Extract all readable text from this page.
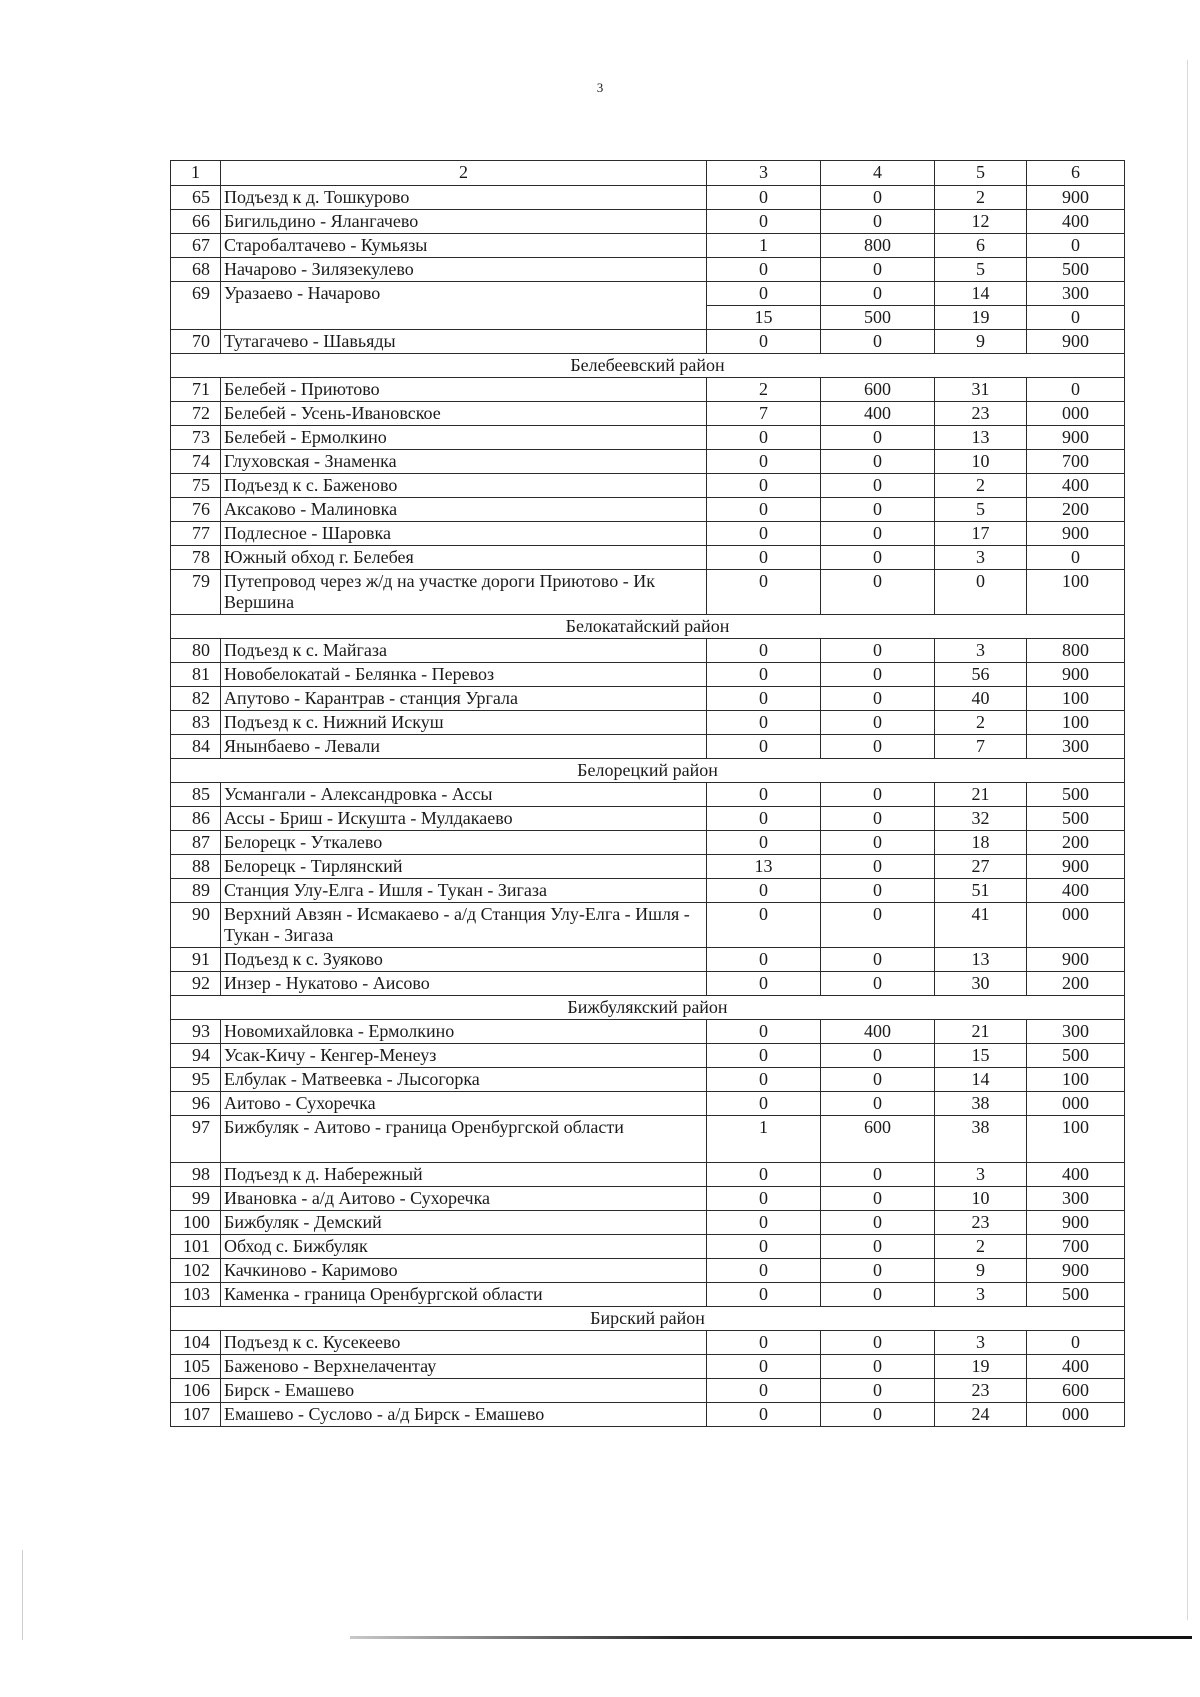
3
1	2	3	4	5	6
65	Подъезд к д. Тошкурово	0	0	2	900
66	Бигильдино - Ялангачево	0	0	12	400
67	Старобалтачево - Кумьязы	1	800	6	0
68	Начарово - Зилязекулево	0	0	5	500
69	Уразаево - Начарово	0	0	14	300
		15	500	19	0
70	Тутагачево - Шавьяды	0	0	9	900
Белебеевский район					
71	Белебей - Приютово	2	600	31	0
72	Белебей - Усень-Ивановское	7	400	23	000
73	Белебей - Ермолкино	0	0	13	900
74	Глуховская - Знаменка	0	0	10	700
75	Подъезд к с. Баженово	0	0	2	400
76	Аксаково - Малиновка	0	0	5	200
77	Подлесное - Шаровка	0	0	17	900
78	Южный обход г. Белебея	0	0	3	0
79	Путепровод через ж/д на участке дороги Приютово - Ик Вершина	0	0	0	100
Белокатайский район					
80	Подъезд к с. Майгаза	0	0	3	800
81	Новобелокатай - Белянка - Перевоз	0	0	56	900
82	Апутово - Карантрав - станция Ургала	0	0	40	100
83	Подъезд к с. Нижний Искуш	0	0	2	100
84	Янынбаево - Левали	0	0	7	300
Белорецкий район					
85	Усмангали - Александровка - Ассы	0	0	21	500
86	Ассы - Бриш - Искушта - Мулдакаево	0	0	32	500
87	Белорецк - Уткалево	0	0	18	200
88	Белорецк - Тирлянский	13	0	27	900
89	Станция Улу-Елга - Ишля - Тукан - Зигаза	0	0	51	400
90	Верхний Авзян - Исмакаево - а/д Станция Улу-Елга - Ишля - Тукан - Зигаза	0	0	41	000
91	Подъезд к с. Зуяково	0	0	13	900
92	Инзер - Нукатово - Аисово	0	0	30	200
Бижбулякский район					
93	Новомихайловка - Ермолкино	0	400	21	300
94	Усак-Кичу - Кенгер-Менеуз	0	0	15	500
95	Елбулак - Матвеевка - Лысогорка	0	0	14	100
96	Аитово - Сухоречка	0	0	38	000
97	Бижбуляк - Аитово - граница Оренбургской области	1	600	38	100
98	Подъезд к д. Набережный	0	0	3	400
99	Ивановка - а/д Аитово - Сухоречка	0	0	10	300
100	Бижбуляк - Демский	0	0	23	900
101	Обход с. Бижбуляк	0	0	2	700
102	Качкиново - Каримово	0	0	9	900
103	Каменка - граница Оренбургской области	0	0	3	500
Бирский район					
104	Подъезд к с. Кусекеево	0	0	3	0
105	Баженово - Верхнелачентау	0	0	19	400
106	Бирск - Емашево	0	0	23	600
107	Емашево - Суслово - а/д Бирск - Емашево	0	0	24	000
